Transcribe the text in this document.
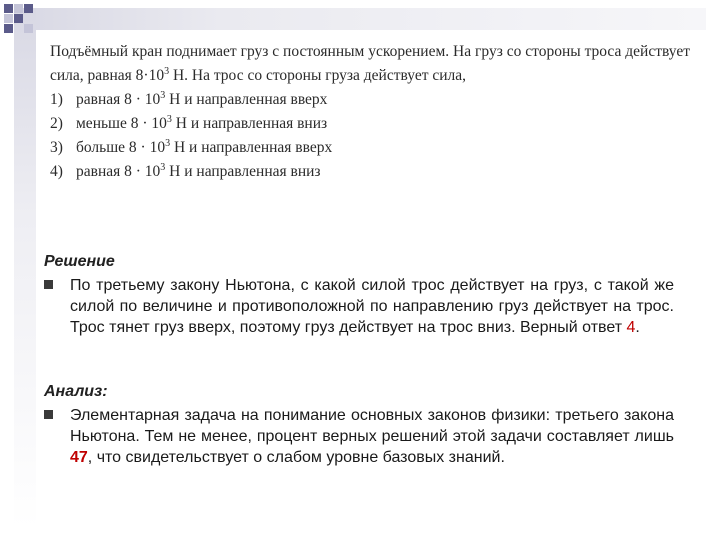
Подъёмный кран поднимает груз с постоянным ускорением. На груз со стороны троса действует сила, равная $8\cdot 10^3$ Н. На трос со стороны груза действует сила,

1) равная $8 \cdot 10^3$ Н и направленная вверх
2) меньше $8 \cdot 10^3$ Н и направленная вниз
3) больше $8 \cdot 10^3$ Н и направленная вверх
4) равная $8 \cdot 10^3$ Н и направленная вниз
Решение
По третьему закону Ньютона, с какой силой трос действует на груз, с такой же силой по величине и противоположной по направлению груз действует на трос. Трос тянет груз вверх, поэтому груз действует на трос вниз. Верный ответ 4.
Анализ:
Элементарная задача на понимание основных законов физики: третьего закона Ньютона. Тем не менее, процент верных решений этой задачи составляет лишь 47, что свидетельствует о слабом уровне базовых знаний.
